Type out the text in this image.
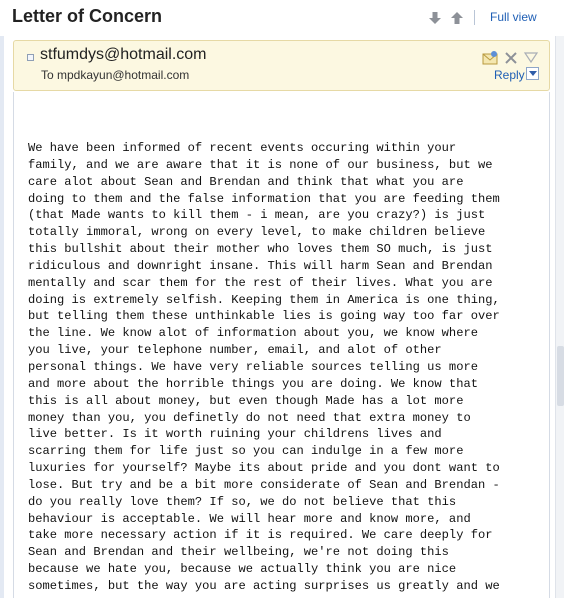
Letter of Concern	Full view
stfumdys@hotmail.com
To mpdkayun@hotmail.com	Reply
We have been informed of recent events occuring within your
family, and we are aware that it is none of our business, but we
care alot about Sean and Brendan and think that what you are
doing to them and the false information that you are feeding them
(that Made wants to kill them - i mean, are you crazy?) is just
totally immoral, wrong on every level, to make children believe
this bullshit about their mother who loves them SO much, is just
ridiculous and downright insane. This will harm Sean and Brendan
mentally and scar them for the rest of their lives. What you are
doing is extremely selfish. Keeping them in America is one thing,
but telling them these unthinkable lies is going way too far over
the line. We know alot of information about you, we know where
you live, your telephone number, email, and alot of other
personal things. We have very reliable sources telling us more
and more about the horrible things you are doing. We know that
this is all about money, but even though Made has a lot more
money than you, you definetly do not need that extra money to
live better. Is it worth ruining your childrens lives and
scarring them for life just so you can indulge in a few more
luxuries for yourself? Maybe its about pride and you dont want to
lose. But try and be a bit more considerate of Sean and Brendan -
do you really love them? If so, we do not believe that this
behaviour is acceptable. We will hear more and know more, and
take more necessary action if it is required. We care deeply for
Sean and Brendan and their wellbeing, we're not doing this
because we hate you, because we actually think you are nice
sometimes, but the way you are acting surprises us greatly and we
